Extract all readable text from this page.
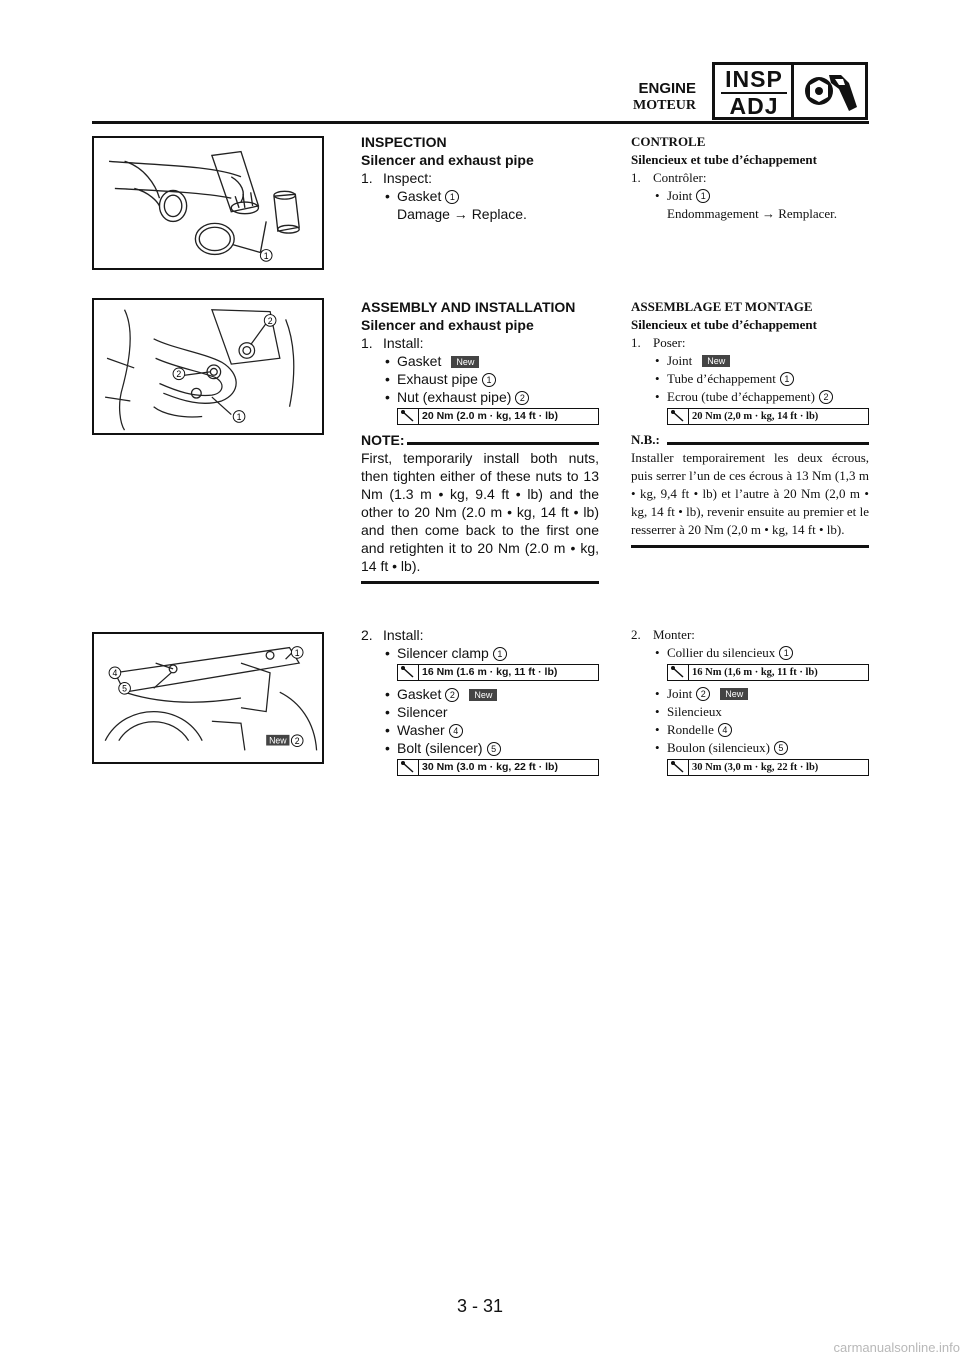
ENGINE
MOTEUR
INSP
ADJ
1
INSPECTION
Silencer and exhaust pipe
1. Inspect:
• Gasket 1
Damage → Replace.
CONTROLE
Silencieux et tube d’échappement
1. Contrôler:
• Joint 1
Endommagement → Remplacer.
2
2
1
ASSEMBLY AND INSTALLATION
Silencer and exhaust pipe
1. Install:
• Gasket New
• Exhaust pipe 1
• Nut (exhaust pipe) 2
20 Nm (2.0 m · kg, 14 ft · lb)
NOTE:
First, temporarily install both nuts, then tighten either of these nuts to 13 Nm (1.3 m • kg, 9.4 ft • lb) and the other to 20 Nm (2.0 m • kg, 14 ft • lb) and then come back to the first one and retighten it to 20 Nm (2.0 m • kg, 14 ft • lb).
ASSEMBLAGE ET MONTAGE
Silencieux et tube d’échappement
1. Poser:
• Joint New
• Tube d’échappement 1
• Ecrou (tube d’échappement) 2
20 Nm (2,0 m · kg, 14 ft · lb)
N.B.:
Installer temporairement les deux écrous, puis serrer l’un de ces écrous à 13 Nm (1,3 m • kg, 9,4 ft • lb) et l’autre à 20 Nm (2,0 m • kg, 14 ft • lb), revenir ensuite au premier et le resserrer à 20 Nm (2,0 m • kg, 14 ft • lb).
1
4
5
New 2
2. Install:
• Silencer clamp 1
16 Nm (1.6 m · kg, 11 ft · lb)
• Gasket 2 New
• Silencer
• Washer 4
• Bolt (silencer) 5
30 Nm (3.0 m · kg, 22 ft · lb)
2. Monter:
• Collier du silencieux 1
16 Nm (1,6 m · kg, 11 ft · lb)
• Joint 2 New
• Silencieux
• Rondelle 4
• Boulon (silencieux) 5
30 Nm (3,0 m · kg, 22 ft · lb)
3 - 31
carmanualsonline.info
